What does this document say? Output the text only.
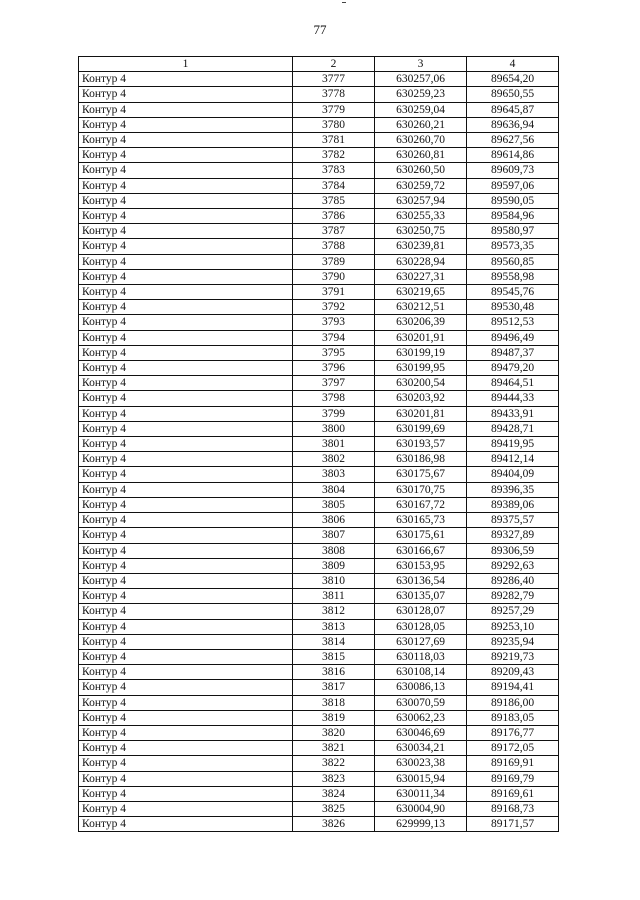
77
1	2	3	4
Контур 4	3777	630257,06	89654,20
Контур 4	3778	630259,23	89650,55
Контур 4	3779	630259,04	89645,87
Контур 4	3780	630260,21	89636,94
Контур 4	3781	630260,70	89627,56
Контур 4	3782	630260,81	89614,86
Контур 4	3783	630260,50	89609,73
Контур 4	3784	630259,72	89597,06
Контур 4	3785	630257,94	89590,05
Контур 4	3786	630255,33	89584,96
Контур 4	3787	630250,75	89580,97
Контур 4	3788	630239,81	89573,35
Контур 4	3789	630228,94	89560,85
Контур 4	3790	630227,31	89558,98
Контур 4	3791	630219,65	89545,76
Контур 4	3792	630212,51	89530,48
Контур 4	3793	630206,39	89512,53
Контур 4	3794	630201,91	89496,49
Контур 4	3795	630199,19	89487,37
Контур 4	3796	630199,95	89479,20
Контур 4	3797	630200,54	89464,51
Контур 4	3798	630203,92	89444,33
Контур 4	3799	630201,81	89433,91
Контур 4	3800	630199,69	89428,71
Контур 4	3801	630193,57	89419,95
Контур 4	3802	630186,98	89412,14
Контур 4	3803	630175,67	89404,09
Контур 4	3804	630170,75	89396,35
Контур 4	3805	630167,72	89389,06
Контур 4	3806	630165,73	89375,57
Контур 4	3807	630175,61	89327,89
Контур 4	3808	630166,67	89306,59
Контур 4	3809	630153,95	89292,63
Контур 4	3810	630136,54	89286,40
Контур 4	3811	630135,07	89282,79
Контур 4	3812	630128,07	89257,29
Контур 4	3813	630128,05	89253,10
Контур 4	3814	630127,69	89235,94
Контур 4	3815	630118,03	89219,73
Контур 4	3816	630108,14	89209,43
Контур 4	3817	630086,13	89194,41
Контур 4	3818	630070,59	89186,00
Контур 4	3819	630062,23	89183,05
Контур 4	3820	630046,69	89176,77
Контур 4	3821	630034,21	89172,05
Контур 4	3822	630023,38	89169,91
Контур 4	3823	630015,94	89169,79
Контур 4	3824	630011,34	89169,61
Контур 4	3825	630004,90	89168,73
Контур 4	3826	629999,13	89171,57
